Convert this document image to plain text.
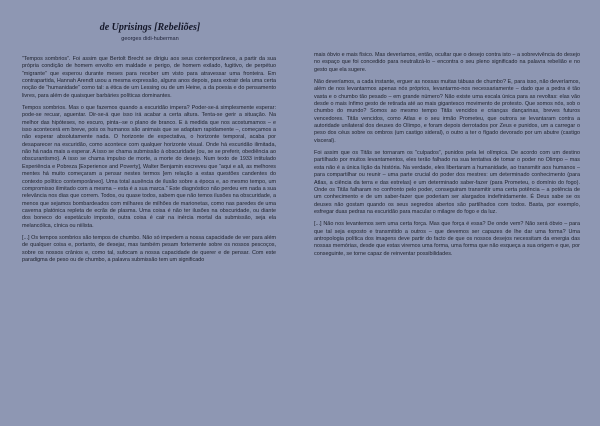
de Uprisings [Rebeliões]
georges didi-huberman

“Tempos sombrios”. Foi assim que Bertolt Brecht se dirigiu aos seus contemporâneos, a partir da sua própria condição de homem envolto em maldade e perigo, de homem exilado, fugitivo, de perpétuo “migrante” que esperou durante meses para receber um visto para atravessar uma fronteira. Em contrapartida, Hannah Arendt usou a mesma expressão, alguns anos depois, para extrair dela uma certa noção de “humanidade” como tal: a ética de um Lessing ou de um Heine, a da poesia e do pensamento livres, para além de quaisquer barbáries políticas dominantes.

Tempos sombrios. Mas o que fazemos quando a escuridão impera? Poder-se-á simplesmente esperar: pode-se recuar, aguentar. Dir-se-á que isso irá acabar a certa altura. Tenta-se gerir a situação. Na melhor das hipóteses, no escuro, pinta--se o plano de branco. E à medida que nos acostumamos – e isso acontecerá em breve, pois os humanos são animais que se adaptam rapidamente –, começamos a não esperar absolutamente nada. O horizonte de expectativa, o horizonte temporal, acaba por desaparecer na escuridão, como acontece com qualquer horizonte visual. Onde há escuridão ilimitada, não há nada mais a esperar. A isso se chama submissão à obscuridade (ou, se se preferir, obediência ao obscurantismo). A isso se chama impulso de morte, a morte do desejo. Num texto de 1933 intitulado Experiência e Pobreza [Experience and Poverty], Walter Benjamin escreveu que “aqui e ali, as melhores mentes há muito começaram a pensar nestes termos [em relação a estas questões candentes do contexto político contemporâneo]. Uma total ausência de ilusão sobre a época e, ao mesmo tempo, um compromisso ilimitado com a mesma – esta é a sua marca.” Este diagnóstico não perdeu em nada a sua relevância nos dias que correm. Todos, ou quase todos, sabem que não temos ilusões na obscuridade, a menos que sejamos bombardeados com milhares de milhões de marionetas, como nas paredes de uma caverna platónica repleta de ecrãs de plasma. Uma coisa é não ter ilusões na obscuridade, ou diante dos boneco do espetáculo imposto, outra coisa é cair na inércia mortal da submissão, seja ela melancólica, cínica ou niilista.

[...] Os tempos sombrios são tempos de chumbo. Não só impedem a nossa capacidade de ver para além de qualquer coisa e, portanto, de desejar, mas também pesam fortemente sobre os nossos pescoços, sobre os nossos crânios e, como tal, sufocam a nossa capacidade de querer e de pensar. Com este paradigma de peso ou de chumbo, a palavra submissão tem um significado

mais óbvio e mais físico. Mas deveríamos, então, ocultar que o desejo contra isto – a sobrevivência do desejo no espaço que foi concedido para neutralizá-lo – encontra o seu pleno significado na palavra rebelião e no gesto que ela sugere.

Não deveríamos, a cada instante, erguer as nossas muitas tábuas de chumbo? E, para isso, não deveríamos, além de nos levantarmos apenas nós próprios, levantarmo-nos necessariamente – dado que a pedra é tão vasta e o chumbo tão pesado – em grande número? Não existe uma escala única para as revoltas: elas vão desde o mais ínfimo gesto de retirada até ao mais gigantesco movimento de protesto. Que somos nós, sob o chumbo do mundo? Somos ao mesmo tempo Titãs vencidos e crianças dançarinas, breves futuros vencedores. Titãs vencidos, como Atlas e o seu irmão Prometeu, que outrora se levantaram contra a autoridade unilateral dos deuses do Olimpo, e foram depois derrotados por Zeus e punidos, um a carregar o peso dos céus sobre os ombros (um castigo sideral), o outro a ter o fígado devorado por um abutre (castigo visceral).

Foi assim que os Titãs se tornaram os “culpados”, punidos pela lei olímpica. De acordo com um destino partilhado por muitos levantamentos, eles terão falhado na sua tentativa de tomar o poder no Olimpo – mas esta não é a única lição da história. Na verdade, eles libertaram a humanidade, ao transmitir aos humanos – para compartilhar ou reunir – uma parte crucial do poder dos mestres: um determinado conhecimento (para Atlas, a ciência da terra e das estrelas) e um determinado saber-fazer (para Prometeu, o domínio do fogo). Onde os Titãs falharam no confronto pelo poder, conseguiram transmitir uma certa potência – a potência de um conhecimento e de um saber-fazer que poderiam ser alargados indefinidamente. É Deus sabe se os deuses não gostam quando os seus segredos abertos são partilhados com todos. Basta, por exemplo, esfregar duas pedras na escuridão para macular o milagre do fogo e da luz.

[...] Não nos levantemos sem uma certa força. Mas que força é essa? De onde vem? Não será óbvio – para que tal seja exposto e transmitido a outros – que devemos ser capazes de lhe dar uma forma? Uma antropologia política dos imagens deve partir do facto de que os nossos desejos necessitam da energia das nossas memórias, desde que estas viremos uma forma, uma forma que não esqueça a sua origem e que, por conseguinte, se torne capaz de reinventar possibilidades.
